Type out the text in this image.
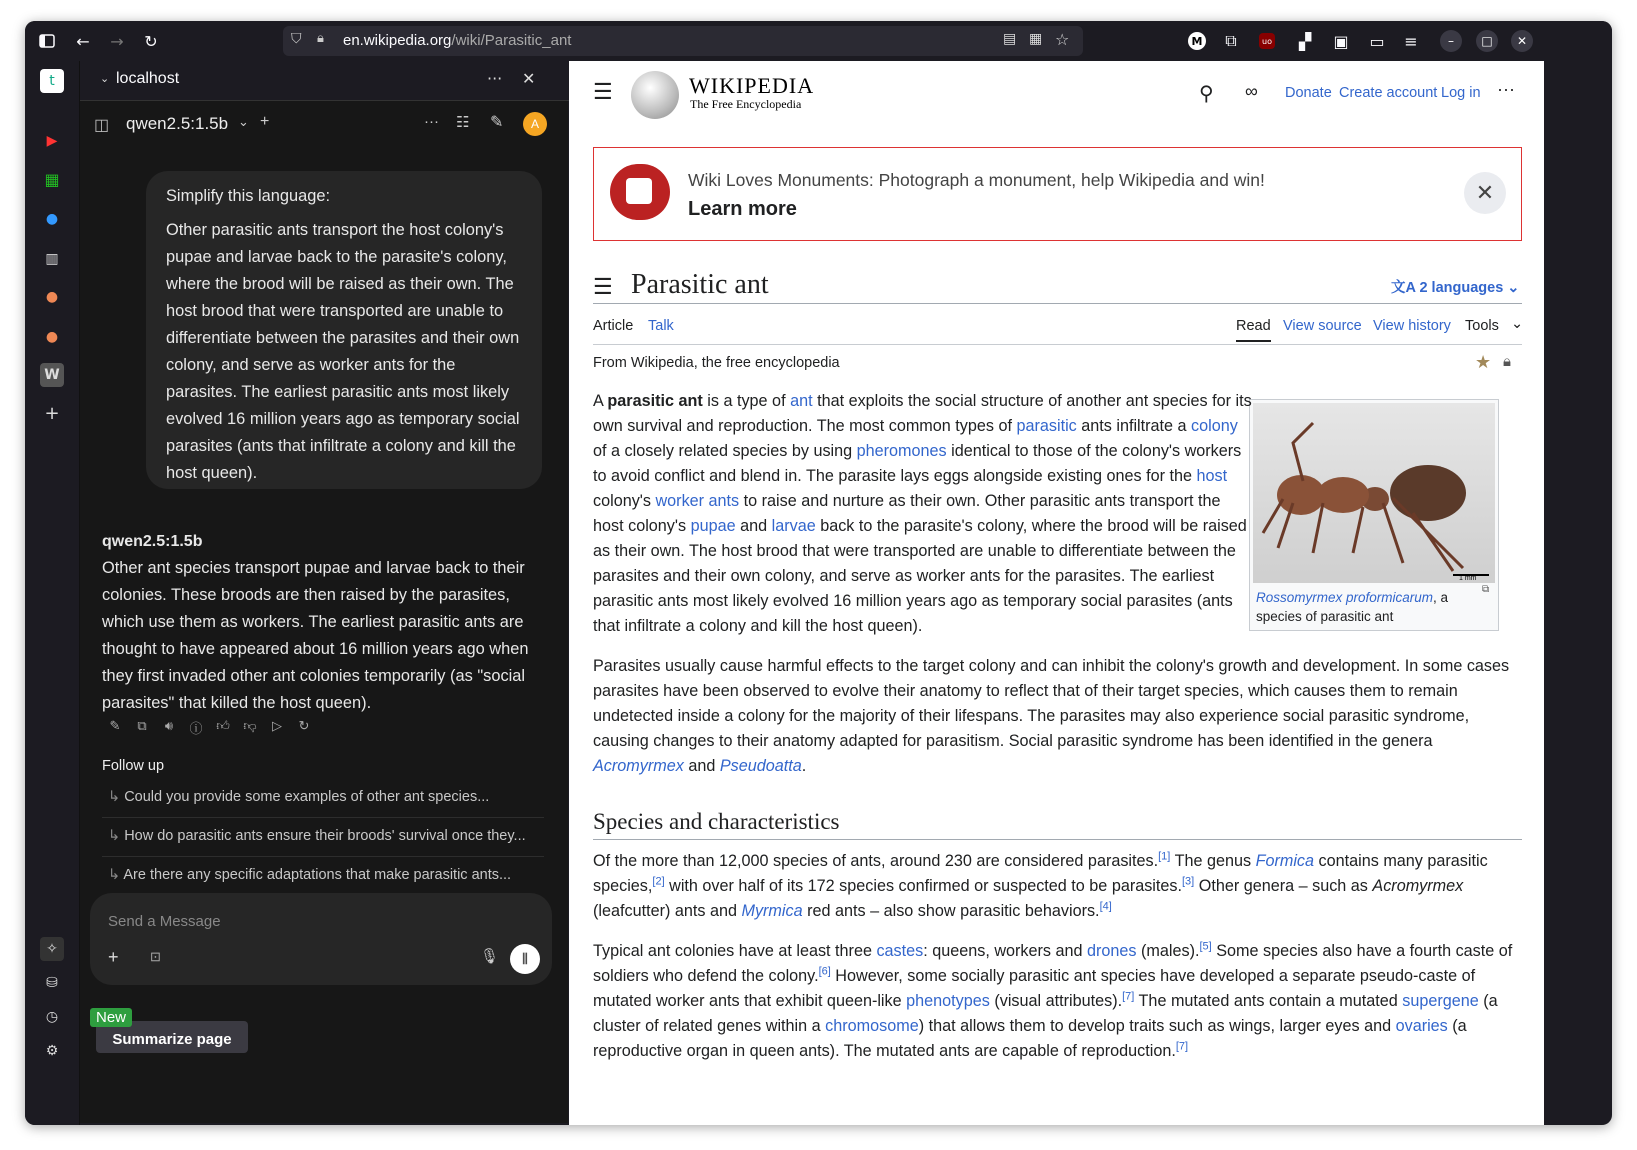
←	→	↻	⛉ 🔒︎ en.wikipedia.org/wiki/Parasitic_ant	▤ ▦ ☆	M	⧉	uo	▞	▣ ▭	≡	–	□	✕
t
▶
▦
●
▥
●
●
W
+
✧
⛁
◷
⚙
⌄ localhost	··· ✕
◫ qwen2.5:1.5b ⌄ +	··· ☷ ✎	A

Simplify this language:

Other parasitic ants transport the host colony's pupae and larvae back to the parasite's colony, where the brood will be raised as their own. The host brood that were transported are unable to differentiate between the parasites and their own colony, and serve as worker ants for the parasites. The earliest parasitic ants most likely evolved 16 million years ago as temporary social parasites (ants that infiltrate a colony and kill the host queen).

qwen2.5:1.5b
Other ant species transport pupae and larvae back to their colonies. These broods are then raised by the parasites, which use them as workers. The earliest parasitic ants are thought to have appeared about 16 million years ago when they first invaded other ant colonies temporarily (as "social parasites" that killed the host queen).
✎	⧉	🔊︎	ⓘ 👍︎ 👎︎	▷	↻
Follow up
↳ Could you provide some examples of other ant species...
↳ How do parasitic ants ensure their broods' survival once they...
↳ Are there any specific adaptations that make parasitic ants...
Send a Message
+ ⊡	🎙︎	⫼
New
Summarize page
☰	WIKIPEDIA
The Free Encyclopedia	⚲ ∞ Donate Create account Log in ···
Wiki Loves Monuments: Photograph a monument, help Wikipedia and win!
Learn more
✕
☰ Parasitic ant	文A 2 languages ⌄
Article Talk	Read View source View history Tools ⌄
From Wikipedia, the free encyclopedia	★ 🔒︎
1 mm
Rossomyrmex proformicarum, a species of parasitic ant
⧉

A parasitic ant is a type of ant that exploits the social structure of another ant species for its own survival and reproduction. The most common types of parasitic ants infiltrate a colony of a closely related species by using pheromones identical to those of the colony's workers to avoid conflict and blend in. The parasite lays eggs alongside existing ones for the host colony's worker ants to raise and nurture as their own. Other parasitic ants transport the host colony's pupae and larvae back to the parasite's colony, where the brood will be raised as their own. The host brood that were transported are unable to differentiate between the parasites and their own colony, and serve as worker ants for the parasites. The earliest parasitic ants most likely evolved 16 million years ago as temporary social parasites (ants that infiltrate a colony and kill the host queen).

Parasites usually cause harmful effects to the target colony and can inhibit the colony's growth and development. In some cases parasites have been observed to evolve their anatomy to reflect that of their target species, which causes them to remain undetected inside a colony for the majority of their lifespans. The parasites may also experience social parasitic syndrome, causing changes to their anatomy adapted for parasitism. Social parasitic syndrome has been identified in the genera Acromyrmex and Pseudoatta.

Species and characteristics

Of the more than 12,000 species of ants, around 230 are considered parasites.[1] The genus Formica contains many parasitic species,[2] with over half of its 172 species confirmed or suspected to be parasites.[3] Other genera – such as Acromyrmex (leafcutter) ants and Myrmica red ants – also show parasitic behaviors.[4]

Typical ant colonies have at least three castes: queens, workers and drones (males).[5] Some species also have a fourth caste of soldiers who defend the colony.[6] However, some socially parasitic ant species have developed a separate pseudo-caste of mutated worker ants that exhibit queen-like phenotypes (visual attributes).[7] The mutated ants contain a mutated supergene (a cluster of related genes within a chromosome) that allows them to develop traits such as wings, larger eyes and ovaries (a reproductive organ in queen ants). The mutated ants are capable of reproduction.[7]
